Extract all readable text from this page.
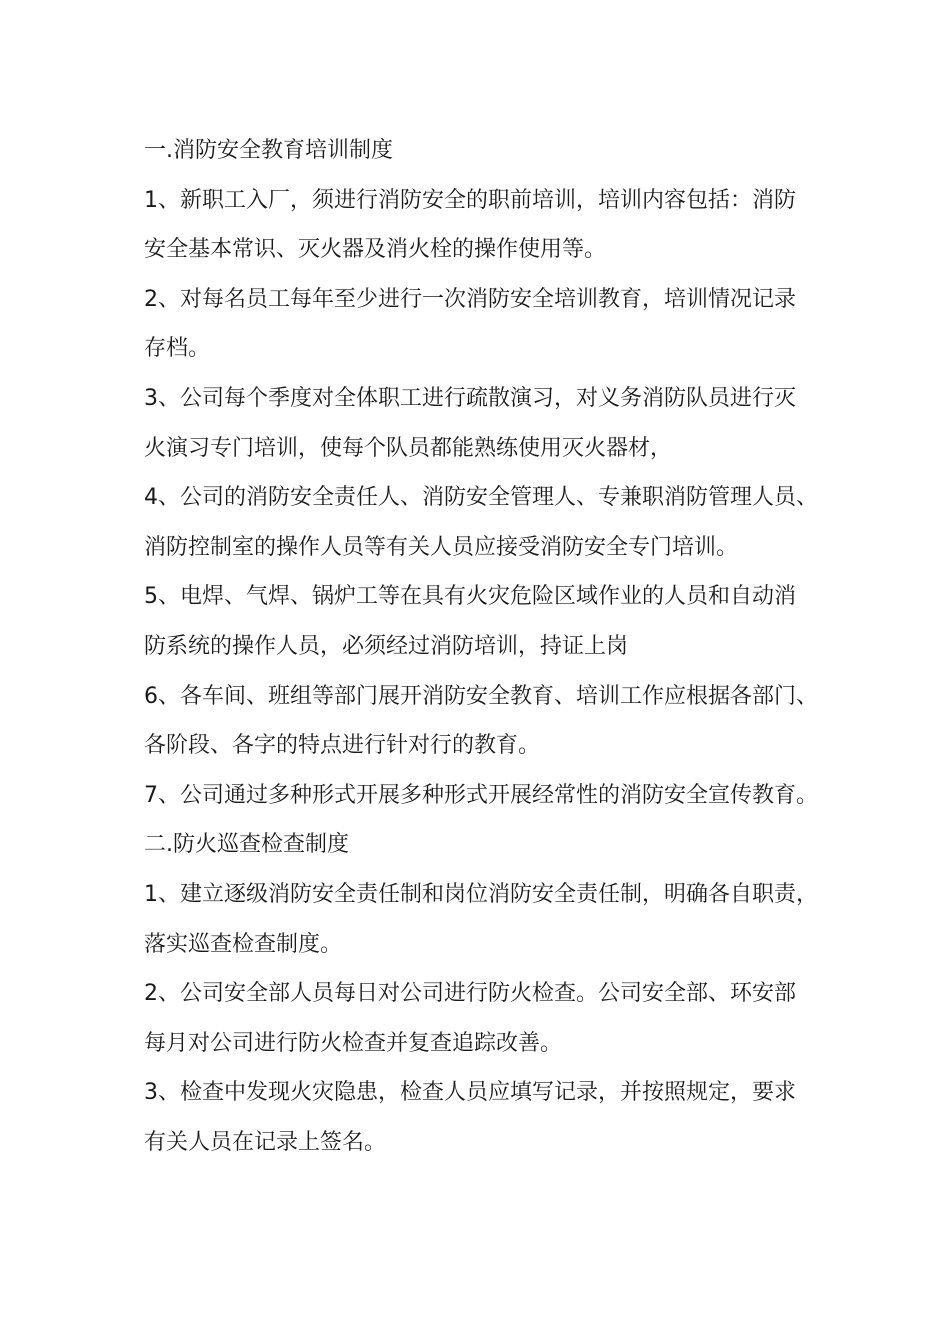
一.消防安全教育培训制度
1、新职工入厂，须进行消防安全的职前培训，培训内容包括：消防
安全基本常识、灭火器及消火栓的操作使用等。
2、对每名员工每年至少进行一次消防安全培训教育，培训情况记录
存档。
3、公司每个季度对全体职工进行疏散演习，对义务消防队员进行灭
火演习专门培训，使每个队员都能熟练使用灭火器材，
4、公司的消防安全责任人、消防安全管理人、专兼职消防管理人员、
消防控制室的操作人员等有关人员应接受消防安全专门培训。
5、电焊、气焊、锅炉工等在具有火灾危险区域作业的人员和自动消
防系统的操作人员，必须经过消防培训，持证上岗
6、各车间、班组等部门展开消防安全教育、培训工作应根据各部门、
各阶段、各字的特点进行针对行的教育。
7、公司通过多种形式开展多种形式开展经常性的消防安全宣传教育。
二.防火巡查检查制度
1、建立逐级消防安全责任制和岗位消防安全责任制，明确各自职责，
落实巡查检查制度。
2、公司安全部人员每日对公司进行防火检查。公司安全部、环安部
每月对公司进行防火检查并复查追踪改善。
3、检查中发现火灾隐患，检查人员应填写记录，并按照规定，要求
有关人员在记录上签名。
